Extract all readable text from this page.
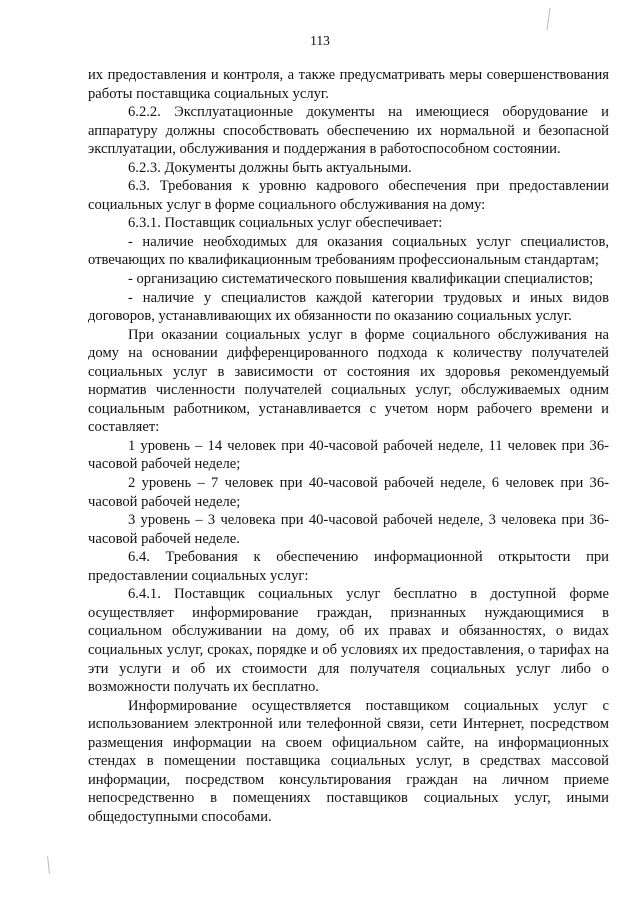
113

их предоставления и контроля, а также предусматривать меры совершенствования работы поставщика социальных услуг.

6.2.2. Эксплуатационные документы на имеющиеся оборудование и аппаратуру должны способствовать обеспечению их нормальной и безопасной эксплуатации, обслуживания и поддержания в работоспособном состоянии.

6.2.3. Документы должны быть актуальными.

6.3. Требования к уровню кадрового обеспечения при предоставлении социальных услуг в форме социального обслуживания на дому:

6.3.1. Поставщик социальных услуг обеспечивает:

- наличие необходимых для оказания социальных услуг специалистов, отвечающих по квалификационным требованиям профессиональным стандартам;

- организацию систематического повышения квалификации специалистов;

- наличие у специалистов каждой категории трудовых и иных видов договоров, устанавливающих их обязанности по оказанию социальных услуг.

При оказании социальных услуг в форме социального обслуживания на дому на основании дифференцированного подхода к количеству получателей социальных услуг в зависимости от состояния их здоровья рекомендуемый норматив численности получателей социальных услуг, обслуживаемых одним социальным работником, устанавливается с учетом норм рабочего времени и составляет:

1 уровень – 14 человек при 40-часовой рабочей неделе, 11 человек при 36-часовой рабочей неделе;

2 уровень – 7 человек при 40-часовой рабочей неделе, 6 человек при 36-часовой рабочей неделе;

3 уровень – 3 человека при 40-часовой рабочей неделе, 3 человека при 36-часовой рабочей неделе.

6.4. Требования к обеспечению информационной открытости при предоставлении социальных услуг:

6.4.1. Поставщик социальных услуг бесплатно в доступной форме осуществляет информирование граждан, признанных нуждающимися в социальном обслуживании на дому, об их правах и обязанностях, о видах социальных услуг, сроках, порядке и об условиях их предоставления, о тарифах на эти услуги и об их стоимости для получателя социальных услуг либо о возможности получать их бесплатно.

Информирование осуществляется поставщиком социальных услуг с использованием электронной или телефонной связи, сети Интернет, посредством размещения информации на своем официальном сайте, на информационных стендах в помещении поставщика социальных услуг, в средствах массовой информации, посредством консультирования граждан на личном приеме непосредственно в помещениях поставщиков социальных услуг, иными общедоступными способами.
